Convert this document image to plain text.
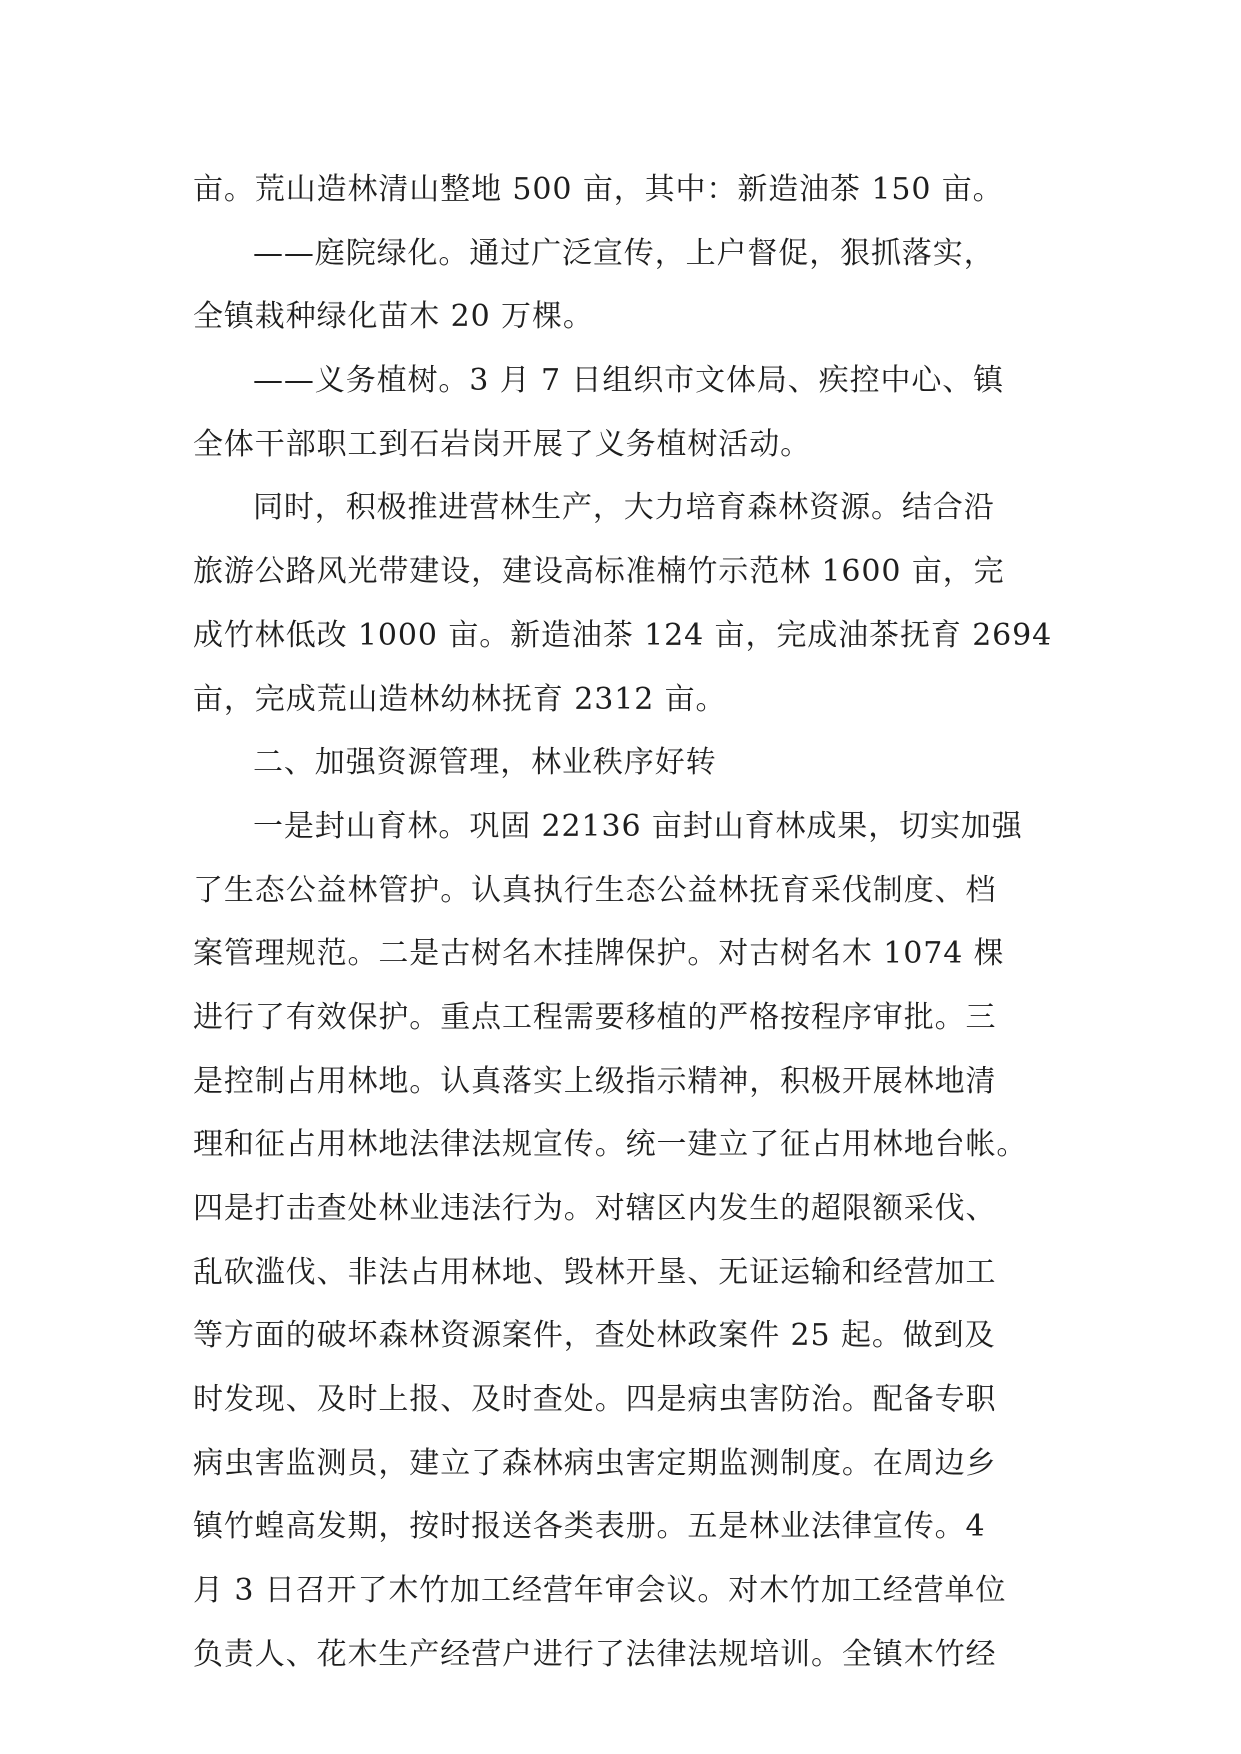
亩。荒山造林清山整地 500 亩，其中：新造油茶 150 亩。

——庭院绿化。通过广泛宣传，上户督促，狠抓落实，
全镇栽种绿化苗木 20 万棵。

——义务植树。3 月 7 日组织市文体局、疾控中心、镇
全体干部职工到石岩岗开展了义务植树活动。

同时，积极推进营林生产，大力培育森林资源。结合沿
旅游公路风光带建设，建设高标准楠竹示范林 1600 亩，完
成竹林低改 1000 亩。新造油茶 124 亩，完成油茶抚育 2694
亩，完成荒山造林幼林抚育 2312 亩。

二、加强资源管理，林业秩序好转

一是封山育林。巩固 22136 亩封山育林成果，切实加强
了生态公益林管护。认真执行生态公益林抚育采伐制度、档
案管理规范。二是古树名木挂牌保护。对古树名木 1074 棵
进行了有效保护。重点工程需要移植的严格按程序审批。三
是控制占用林地。认真落实上级指示精神，积极开展林地清
理和征占用林地法律法规宣传。统一建立了征占用林地台帐。
四是打击查处林业违法行为。对辖区内发生的超限额采伐、
乱砍滥伐、非法占用林地、毁林开垦、无证运输和经营加工
等方面的破坏森林资源案件，查处林政案件 25 起。做到及
时发现、及时上报、及时查处。四是病虫害防治。配备专职
病虫害监测员，建立了森林病虫害定期监测制度。在周边乡
镇竹蝗高发期，按时报送各类表册。五是林业法律宣传。4
月 3 日召开了木竹加工经营年审会议。对木竹加工经营单位
负责人、花木生产经营户进行了法律法规培训。全镇木竹经
